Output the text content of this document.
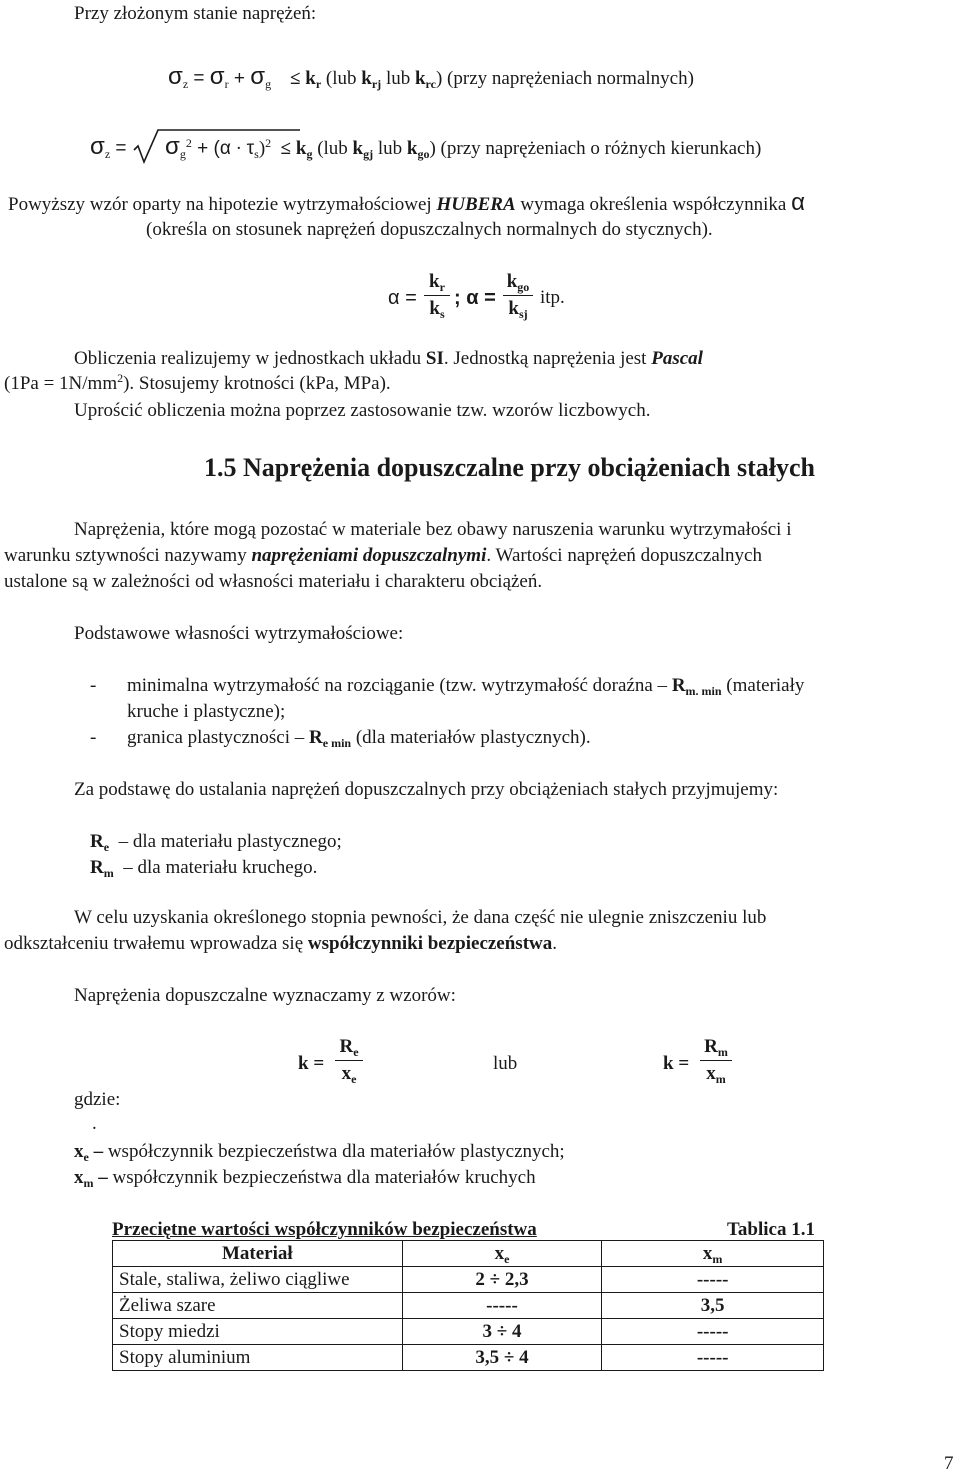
Przy złożonym stanie naprężeń:
$\sigma_z = \sigma_r + \sigma_g \le k_r$ (lub $k_{rj}$ lub $k_{rc}$) (przy naprężeniach normalnych)
$\sigma_z$ =        $\sigma_g^2 + (\alpha \cdot \tau_s)^2 \le k_g$ (lub $k_{gj}$ lub $k_{go}$) (przy naprężeniach o różnych kierunkach)
Powyższy wzór oparty na hipotezie wytrzymałościowej HUBERA wymaga określenia współczynnika α
(określa on stosunek naprężeń dopuszczalnych normalnych do stycznych).
α =
$k_r$
$k_s$
; α =
$k_{go}$
$k_{sj}$
itp.
Obliczenia realizujemy w jednostkach układu SI. Jednostką naprężenia jest Pascal
$(1Pa = 1N/mm^2)$. Stosujemy krotności (kPa, MPa).
Uprościć obliczenia można poprzez zastosowanie tzw. wzorów liczbowych.
1.5 Naprężenia dopuszczalne przy obciążeniach stałych
Naprężenia, które mogą pozostać w materiale bez obawy naruszenia warunku wytrzymałości i
warunku sztywności nazywamy naprężeniami dopuszczalnymi. Wartości naprężeń dopuszczalnych
ustalone są w zależności od własności materiału i charakteru obciążeń.
Podstawowe własności wytrzymałościowe:
- minimalna wytrzymałość na rozciąganie (tzw. wytrzymałość doraźna – $R_{m. min}$ (materiały
kruche i plastyczne);
- granica plastyczności – $R_{e min}$ (dla materiałów plastycznych).
Za podstawę do ustalania naprężeń dopuszczalnych przy obciążeniach stałych przyjmujemy:
$R_e$  – dla materiału plastycznego;
$R_m$  – dla materiału kruchego.
W celu uzyskania określonego stopnia pewności, że dana część nie ulegnie zniszczeniu lub
odkształceniu trwałemu wprowadza się współczynniki bezpieczeństwa.
Naprężenia dopuszczalne wyznaczamy z wzorów:
k =
$R_e$
$x_e$
lub	k =
$R_m$
$x_m$
gdzie:
.
$x_e$ – współczynnik bezpieczeństwa dla materiałów plastycznych;
$x_m$ – współczynnik bezpieczeństwa dla materiałów kruchych
Przeciętne wartości współczynników bezpieczeństwa	Tablica 1.1
Materiał	$x_e$	$x_m$
Stale, staliwa, żeliwo ciągliwe	2 ÷ 2,3	-----
Żeliwa szare	-----	3,5
Stopy miedzi	3 ÷ 4	-----
Stopy aluminium	3,5 ÷ 4	-----
7
